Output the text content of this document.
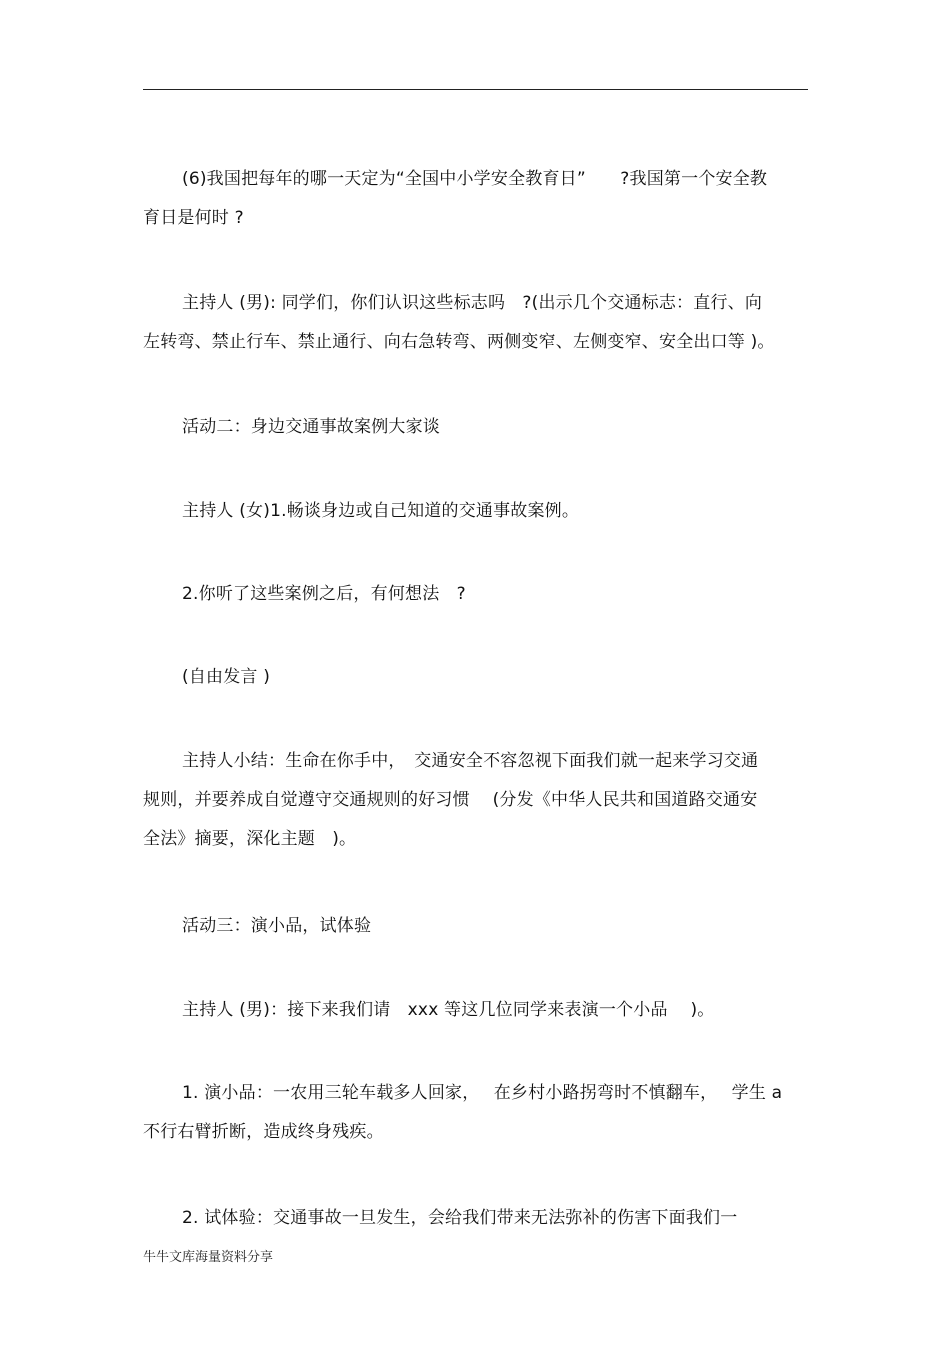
(6)我国把每年的哪一天定为“全国中小学安全教育日”　　?我国第一个安全教
育日是何时 ?
主持人 (男): 同学们，你们认识这些标志吗　?(出示几个交通标志：直行、向
左转弯、禁止行车、禁止通行、向右急转弯、两侧变窄、左侧变窄、安全出口等 )。
活动二：身边交通事故案例大家谈
主持人 (女)1.畅谈身边或自己知道的交通事故案例。
2.你听了这些案例之后，有何想法　?
(自由发言 )
主持人小结：生命在你手中，　交通安全不容忽视下面我们就一起来学习交通
规则，并要养成自觉遵守交通规则的好习惯　 (分发《中华人民共和国道路交通安
全法》摘要，深化主题　)。
活动三：演小品，试体验
主持人 (男)：接下来我们请　xxx 等这几位同学来表演一个小品　 )。
1. 演小品：一农用三轮车载多人回家，　 在乡村小路拐弯时不慎翻车，　 学生 a
不行右臂折断，造成终身残疾。
2. 试体验：交通事故一旦发生，会给我们带来无法弥补的伤害下面我们一
牛牛文库海量资料分享
